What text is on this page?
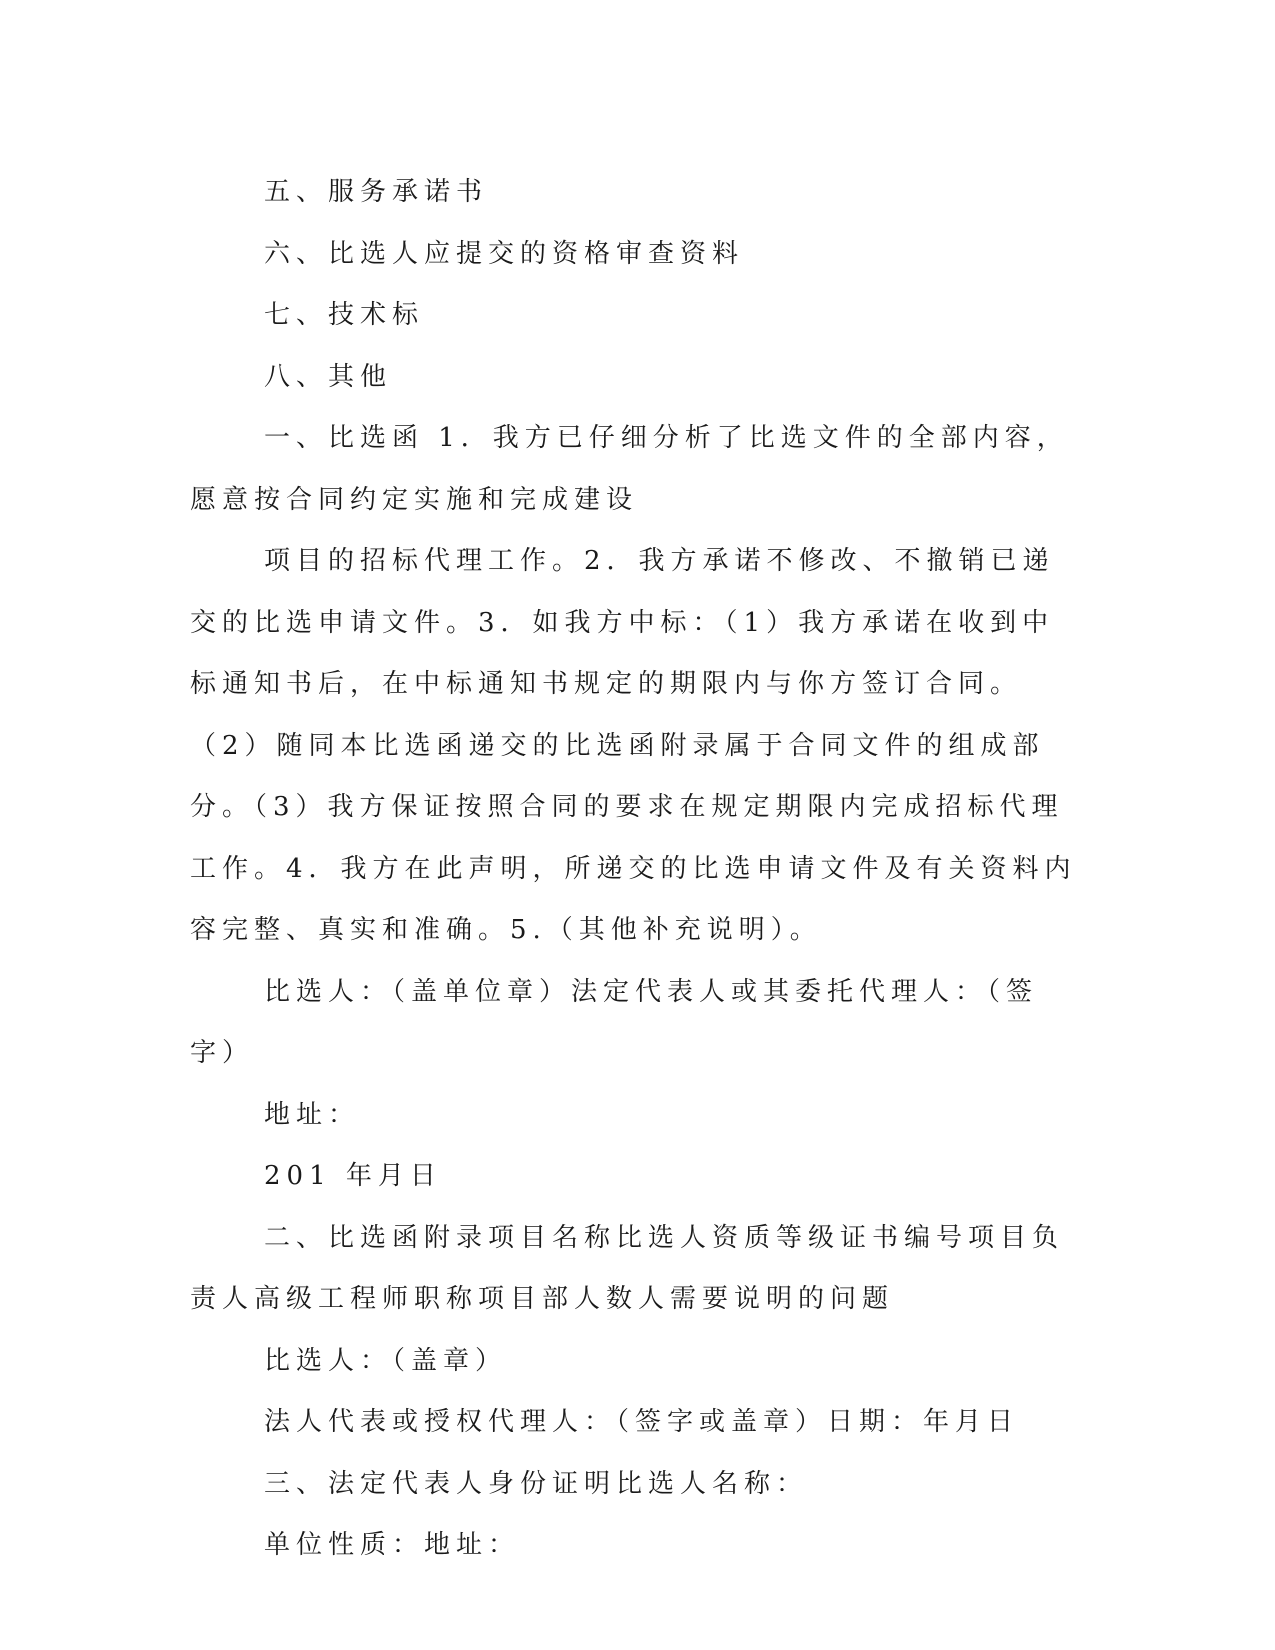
五、服务承诺书

六、比选人应提交的资格审查资料

七、技术标

八、其他

一、比选函 1．我方已仔细分析了比选文件的全部内容，愿意按合同约定实施和完成建设

项目的招标代理工作。2．我方承诺不修改、不撤销已递交的比选申请文件。3．如我方中标：（1）我方承诺在收到中标通知书后，在中标通知书规定的期限内与你方签订合同。（2）随同本比选函递交的比选函附录属于合同文件的组成部分。（3）我方保证按照合同的要求在规定期限内完成招标代理工作。4．我方在此声明，所递交的比选申请文件及有关资料内容完整、真实和准确。5.（其他补充说明）。

比选人：（盖单位章）法定代表人或其委托代理人：（签字）

地址：

201 年月日

二、比选函附录项目名称比选人资质等级证书编号项目负责人高级工程师职称项目部人数人需要说明的问题

比选人：（盖章）

法人代表或授权代理人：（签字或盖章）日期：年月日

三、法定代表人身份证明比选人名称：

单位性质：地址：
